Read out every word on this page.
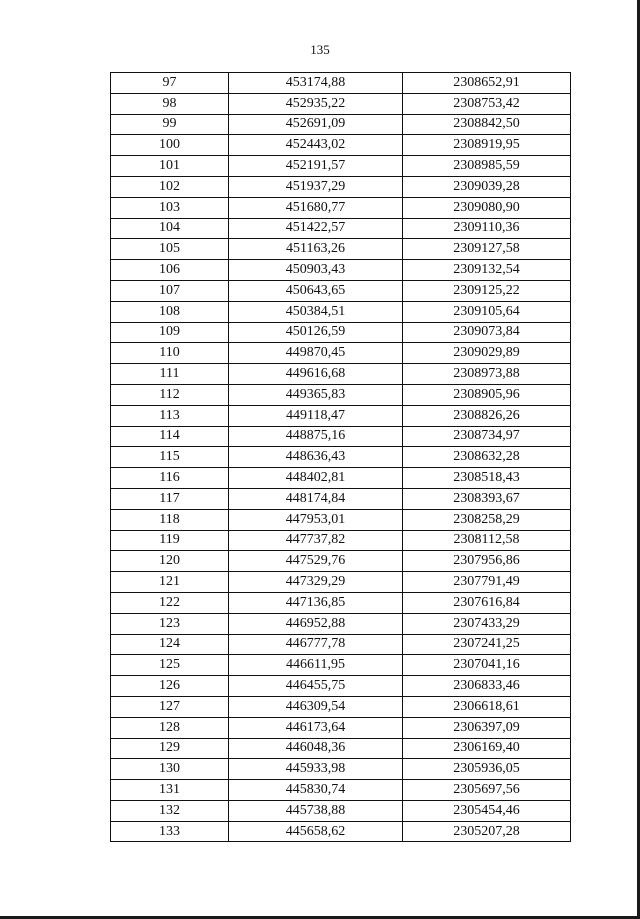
135
97	453174,88	2308652,91
98	452935,22	2308753,42
99	452691,09	2308842,50
100	452443,02	2308919,95
101	452191,57	2308985,59
102	451937,29	2309039,28
103	451680,77	2309080,90
104	451422,57	2309110,36
105	451163,26	2309127,58
106	450903,43	2309132,54
107	450643,65	2309125,22
108	450384,51	2309105,64
109	450126,59	2309073,84
110	449870,45	2309029,89
111	449616,68	2308973,88
112	449365,83	2308905,96
113	449118,47	2308826,26
114	448875,16	2308734,97
115	448636,43	2308632,28
116	448402,81	2308518,43
117	448174,84	2308393,67
118	447953,01	2308258,29
119	447737,82	2308112,58
120	447529,76	2307956,86
121	447329,29	2307791,49
122	447136,85	2307616,84
123	446952,88	2307433,29
124	446777,78	2307241,25
125	446611,95	2307041,16
126	446455,75	2306833,46
127	446309,54	2306618,61
128	446173,64	2306397,09
129	446048,36	2306169,40
130	445933,98	2305936,05
131	445830,74	2305697,56
132	445738,88	2305454,46
133	445658,62	2305207,28
